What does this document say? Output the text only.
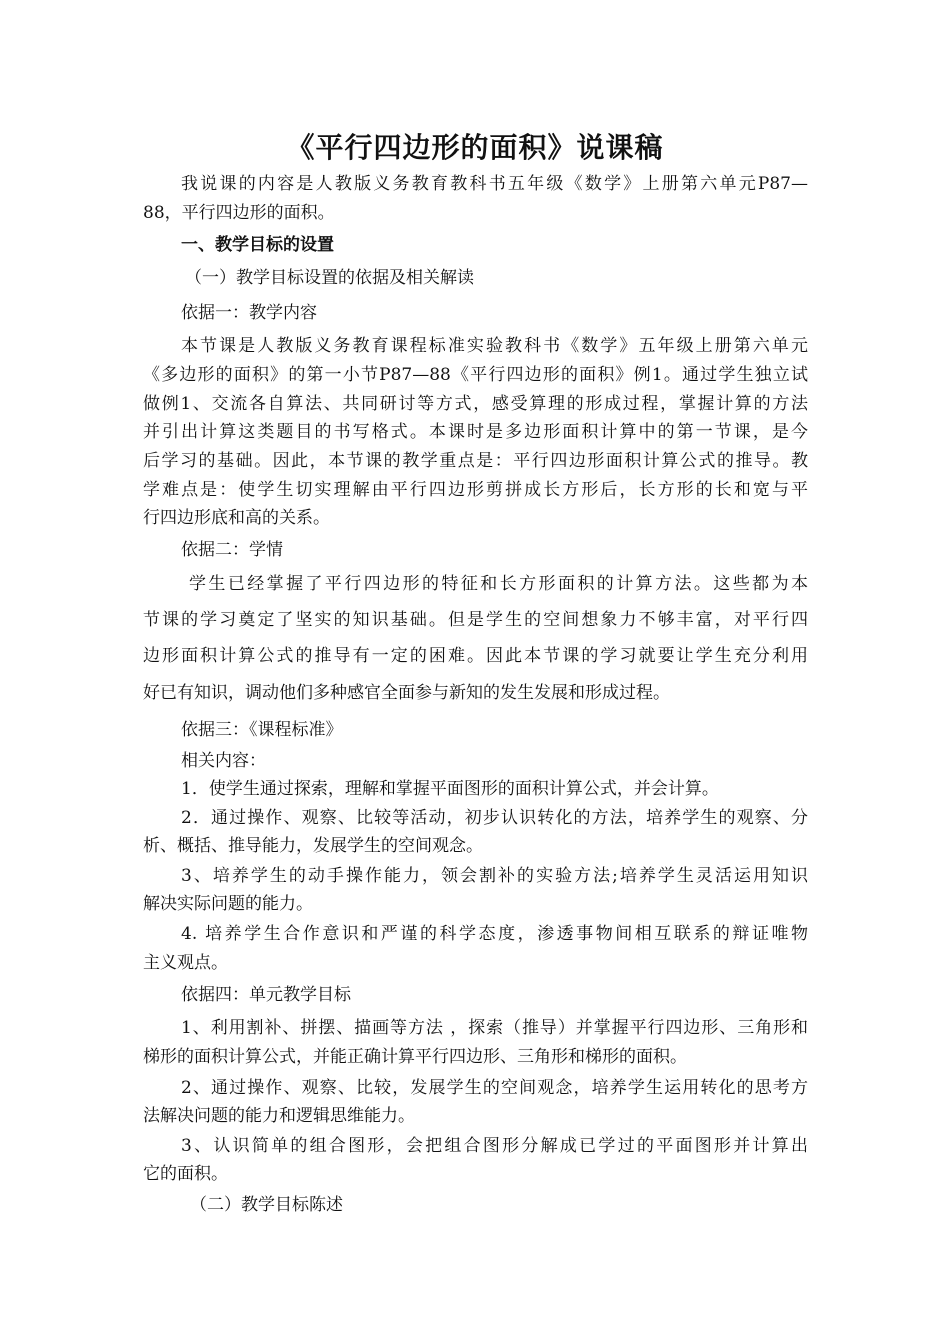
《平行四边形的面积》说课稿
我说课的内容是人教版义务教育教科书五年级《数学》上册第六单元P87—
88，平行四边形的面积。
一、教学目标的设置
（一）教学目标设置的依据及相关解读
依据一：教学内容
本节课是人教版义务教育课程标准实验教科书《数学》五年级上册第六单元
《多边形的面积》的第一小节P87—88《平行四边形的面积》例1。通过学生独立试
做例1、交流各自算法、共同研讨等方式，感受算理的形成过程，掌握计算的方法
并引出计算这类题目的书写格式。本课时是多边形面积计算中的第一节课，是今
后学习的基础。因此，本节课的教学重点是：平行四边形面积计算公式的推导。教
学难点是：使学生切实理解由平行四边形剪拼成长方形后，长方形的长和宽与平
行四边形底和高的关系。
依据二：学情
学生已经掌握了平行四边形的特征和长方形面积的计算方法。这些都为本
节课的学习奠定了坚实的知识基础。但是学生的空间想象力不够丰富，对平行四
边形面积计算公式的推导有一定的困难。因此本节课的学习就要让学生充分利用
好已有知识，调动他们多种感官全面参与新知的发生发展和形成过程。
依据三：《课程标准》
相关内容：
1．使学生通过探索，理解和掌握平面图形的面积计算公式，并会计算。
2．通过操作、观察、比较等活动，初步认识转化的方法，培养学生的观察、分
析、概括、推导能力，发展学生的空间观念。
3、培养学生的动手操作能力，领会割补的实验方法;培养学生灵活运用知识
解决实际问题的能力。
4. 培养学生合作意识和严谨的科学态度，渗透事物间相互联系的辩证唯物
主义观点。
依据四：单元教学目标
1、利用割补、拼摆、描画等方法 ，探索（推导）并掌握平行四边形、三角形和
梯形的面积计算公式，并能正确计算平行四边形、三角形和梯形的面积。
2、通过操作、观察、比较，发展学生的空间观念，培养学生运用转化的思考方
法解决问题的能力和逻辑思维能力。
3、认识简单的组合图形，会把组合图形分解成已学过的平面图形并计算出
它的面积。
（二）教学目标陈述
